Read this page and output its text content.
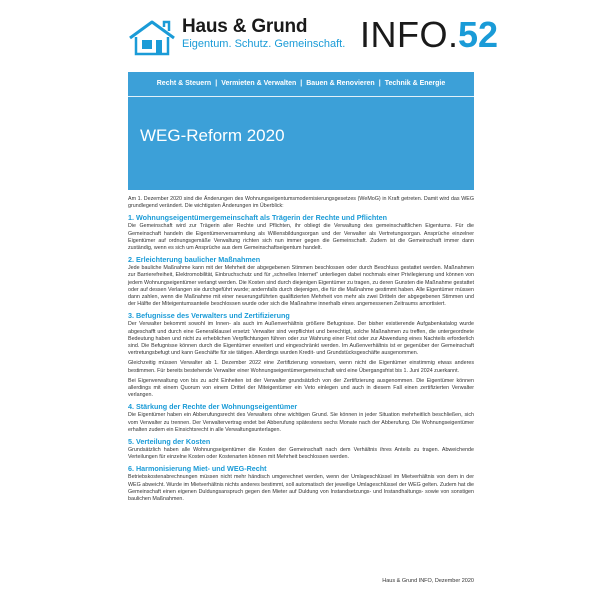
Haus & Grund
Eigentum. Schutz. Gemeinschaft. INFO. 52
Recht & Steuern | Vermieten & Verwalten | Bauen & Renovieren | Technik & Energie
WEG-Reform 2020

Am 1. Dezember 2020 sind die Änderungen des Wohnungseigentumsmodernisierungsgesetzes (WeMoG) in Kraft getreten. Damit wird das WEG grundlegend verändert. Die wichtigsten Änderungen im Überblick:

1. Wohnungseigentümergemeinschaft als Trägerin der Rechte und Pflichten

Die Gemeinschaft wird zur Trägerin aller Rechte und Pflichten, ihr obliegt die Verwaltung des gemeinschaftlichen Eigentums. Für die Gemeinschaft handeln die Eigentümerversammlung als Willensbildungsorgan und der Verwalter als Vertretungsorgan. Ansprüche einzelner Eigentümer auf ordnungsgemäße Verwaltung richten sich nun immer gegen die Gemeinschaft. Zudem ist die Gemeinschaft immer dann zuständig, wenn es sich um Ansprüche aus dem Gemeinschaftseigentum handelt.

2. Erleichterung baulicher Maßnahmen

Jede bauliche Maßnahme kann mit der Mehrheit der abgegebenen Stimmen beschlossen oder durch Beschluss gestattet werden. Maßnahmen zur Barrierefreiheit, Elektromobilität, Einbruchschutz und für „schnelles Internet“ unterliegen dabei nochmals einer Privilegierung und können von jedem Wohnungseigentümer verlangt werden. Die Kosten sind durch diejenigen Eigentümer zu tragen, zu deren Gunsten die Maßnahme gestattet oder auf dessen Verlangen sie durchgeführt wurde; andernfalls durch diejenigen, die für die Maßnahme gestimmt haben. Alle Eigentümer müssen dann zahlen, wenn die Maßnahme mit einer neuerungsführten qualifizierten Mehrheit von mehr als zwei Dritteln der abgegebenen Stimmen und der Hälfte der Miteigentumsanteile beschlossen wurde oder sich die Maßnahme innerhalb eines angemessenen Zeitraums amortisiert.

3. Befugnisse des Verwalters und Zertifizierung

Der Verwalter bekommt sowohl im Innen- als auch im Außenverhältnis größere Befugnisse. Der bisher existierende Aufgabenkatalog wurde abgeschafft und durch eine Generalklausel ersetzt: Verwalter sind verpflichtet und berechtigt, solche Maßnahmen zu treffen, die untergeordnete Bedeutung haben und nicht zu erheblichen Verpflichtungen führen oder zur Wahrung einer Frist oder zur Abwendung eines Nachteils erforderlich sind. Die Befugnisse können durch die Eigentümer erweitert und eingeschränkt werden. Im Außenverhältnis ist er gegenüber der Gemeinschaft vertretungsbefugt und kann Geschäfte für sie tätigen. Allerdings wurden Kredit- und Grundstücksgeschäfte ausgenommen.

Gleichzeitig müssen Verwalter ab 1. Dezember 2022 eine Zertifizierung vorweisen, wenn nicht die Eigentümer einstimmig etwas anderes bestimmen. Für bereits bestehende Verwalter einer Wohnungseigentümergemeinschaft wird eine Übergangsfrist bis 1. Juni 2024 zuerkannt.

Bei Eigenverwaltung von bis zu acht Einheiten ist der Verwalter grundsätzlich von der Zertifizierung ausgenommen. Die Eigentümer können allerdings mit einem Quorum von einem Drittel der Miteigentümer ein Veto einlegen und auch in diesem Fall einen zertifizierten Verwalter verlangen.

4. Stärkung der Rechte der Wohnungseigentümer

Die Eigentümer haben ein Abberufungsrecht des Verwalters ohne wichtigen Grund. Sie können in jeder Situation mehrheitlich beschließen, sich vom Verwalter zu trennen. Der Verwaltervertrag endet bei Abberufung spätestens sechs Monate nach der Abberufung. Die Wohnungseigentümer erhalten zudem ein Einsichtsrecht in alle Verwaltungsunterlagen.

5. Verteilung der Kosten

Grundsätzlich haben alle Wohnungseigentümer die Kosten der Gemeinschaft nach dem Verhältnis ihres Anteils zu tragen. Abweichende Verteilungen für einzelne Kosten oder Kostenarten können mit Mehrheit beschlossen werden.

6. Harmonisierung Miet- und WEG-Recht

Betriebskostenabrechnungen müssen nicht mehr händisch umgerechnet werden, wenn der Umlageschlüssel im Mietverhältnis von dem in der WEG abweicht. Wurde im Mietverhältnis nichts anderes bestimmt, soll automatisch der jeweilige Umlageschlüssel der WEG gelten. Zudem hat die Gemeinschaft einen eigenen Duldungsanspruch gegen den Mieter auf Duldung von Instandsetzungs- und Instandhaltungs- sowie von sonstigen baulichen Maßnahmen.

Haus & Grund INFO, Dezember 2020
